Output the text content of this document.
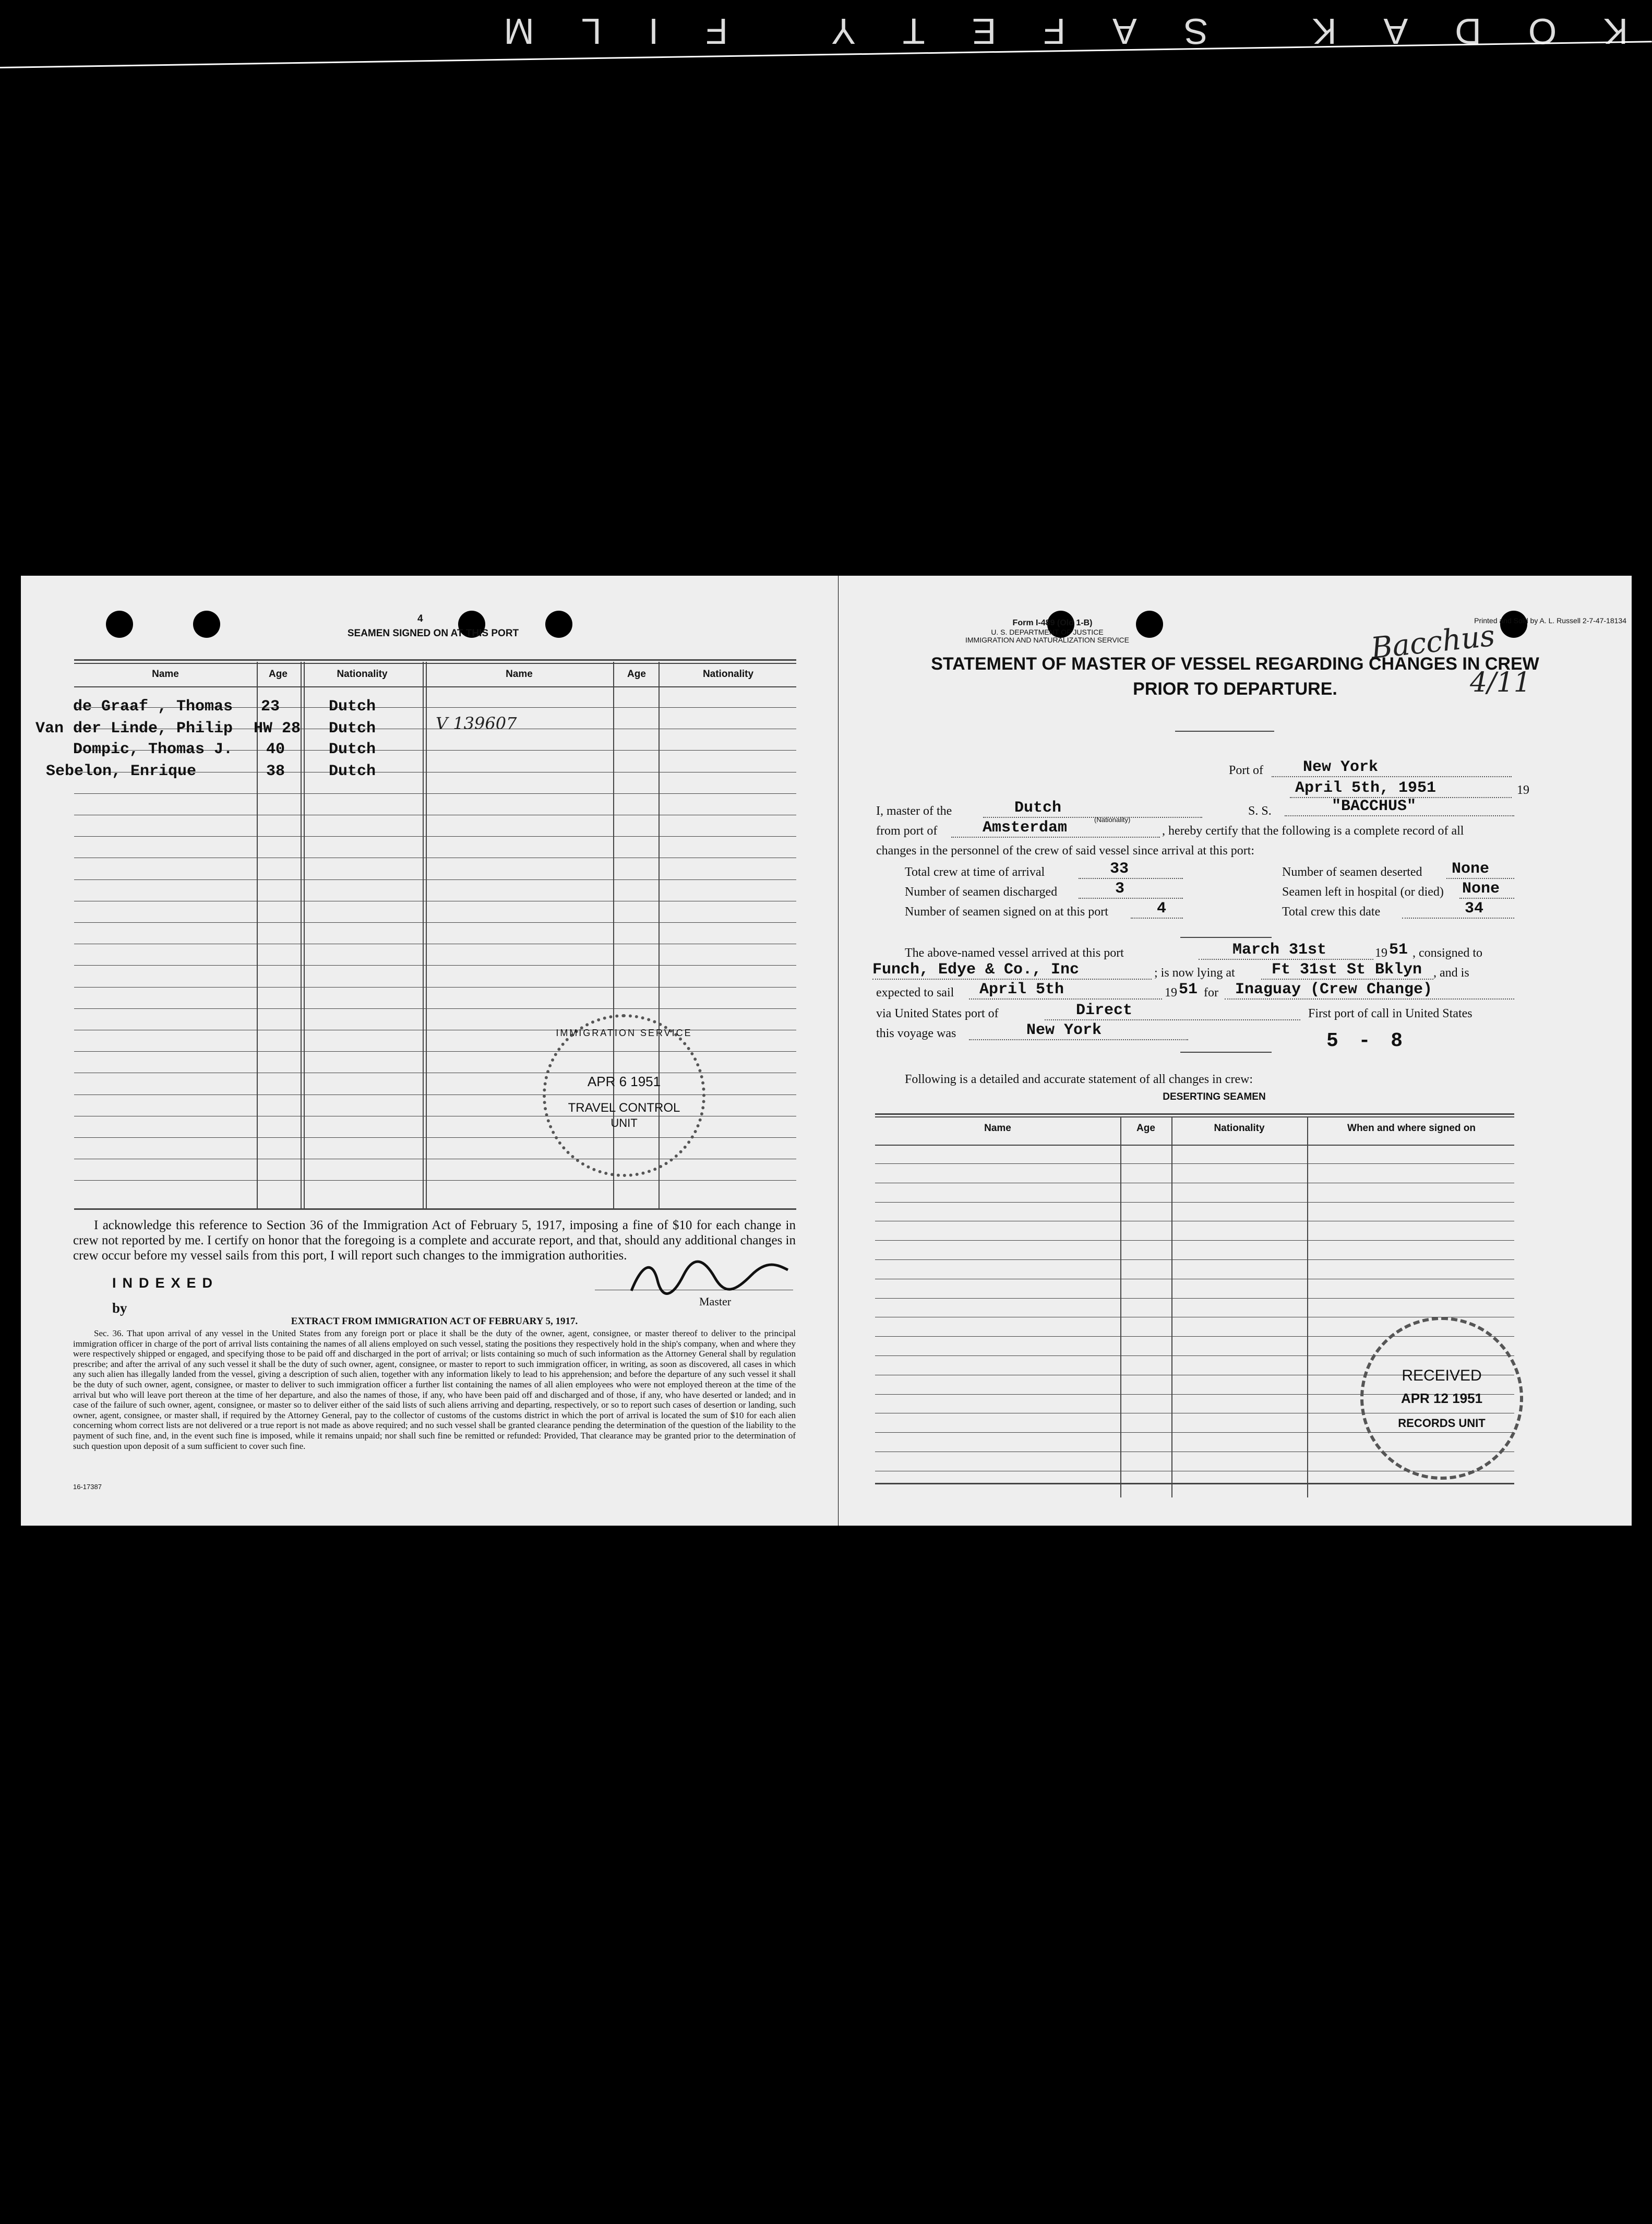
KODAK SAFETY FILM
4
SEAMEN SIGNED ON AT THIS PORT
Name	Age	Nationality	Name	Age	Nationality
de Graaf , Thomas 23	Dutch
Van der Linde, Philip HW 28 Dutch	V 139607
Dompic, Thomas J. 40	Dutch
Sebelon, Enrique	38	Dutch
IMMIGRATION SERVICE
APR 6 1951
TRAVEL CONTROL
UNIT
I acknowledge this reference to Section 36 of the Immigration Act of February 5, 1917, imposing a fine of $10 for each change in crew not reported by me. I certify on honor that the foregoing is a complete and accurate report, and that, should any additional changes in crew occur before my vessel sails from this port, I will report such changes to the immigration authorities.
INDEXED
by	Master
EXTRACT FROM IMMIGRATION ACT OF FEBRUARY 5, 1917.
Sec. 36. That upon arrival of any vessel in the United States from any foreign port or place it shall be the duty of the owner, agent, consignee, or master thereof to deliver to the principal immigration officer in charge of the port of arrival lists containing the names of all aliens employed on such vessel, stating the positions they respectively hold in the ship's company, when and where they were respectively shipped or engaged, and specifying those to be paid off and discharged in the port of arrival; or lists containing so much of such information as the Attorney General shall by regulation prescribe; and after the arrival of any such vessel it shall be the duty of such owner, agent, consignee, or master to report to such immigration officer, in writing, as soon as discovered, all cases in which any such alien has illegally landed from the vessel, giving a description of such alien, together with any information likely to lead to his apprehension; and before the departure of any such vessel it shall be the duty of such owner, agent, consignee, or master to deliver to such immigration officer a further list containing the names of all alien employees who were not employed thereon at the time of the arrival but who will leave port thereon at the time of her departure, and also the names of those, if any, who have been paid off and discharged and of those, if any, who have deserted or landed; and in case of the failure of such owner, agent, consignee, or master so to deliver either of the said lists of such aliens arriving and departing, respectively, or so to report such cases of desertion or landing, such owner, agent, consignee, or master shall, if required by the Attorney General, pay to the collector of customs of the customs district in which the port of arrival is located the sum of $10 for each alien concerning whom correct lists are not delivered or a true report is not made as above required; and no such vessel shall be granted clearance pending the determination of the question of the liability to the payment of such fine, and, in the event such fine is imposed, while it remains unpaid; nor shall such fine be remitted or refunded: Provided, That clearance may be granted prior to the determination of such question upon deposit of a sum sufficient to cover such fine.
16-17387
Form I-489 (Old 1-B)
U. S. DEPARTMENT OF JUSTICE
IMMIGRATION AND NATURALIZATION SERVICE
Printed and Sold by A. L. Russell 2-7-47-18134
Bacchus
4/11
STATEMENT OF MASTER OF VESSEL REGARDING CHANGES IN CREW
PRIOR TO DEPARTURE.
Port of	New York
April 5th, 1951	19
I, master of the	Dutch
(Nationality)
S. S.	"BACCHUS"
from port of	Amsterdam	, hereby certify that the following is a complete record of all
changes in the personnel of the crew of said vessel since arrival at this port:
Total crew at time of arrival	33
Number of seamen discharged	3
Number of seamen signed on at this port	4
Number of seamen deserted	None
Seamen left in hospital (or died) None
Total crew this date	34
The above-named vessel arrived at this port	March 31st	19 51 , consigned to
Funch, Edye & Co., Inc	; is now lying at	Ft 31st St Bklyn , and is
expected to sail	April 5th	19 51 for	Inaguay (Crew Change)
via United States port of	Direct	First port of call in United States
this voyage was	New York	5 - 8
Following is a detailed and accurate statement of all changes in crew:
DESERTING SEAMEN
Name	Age	Nationality	When and where signed on
RECEIVED
APR 12 1951
RECORDS UNIT
